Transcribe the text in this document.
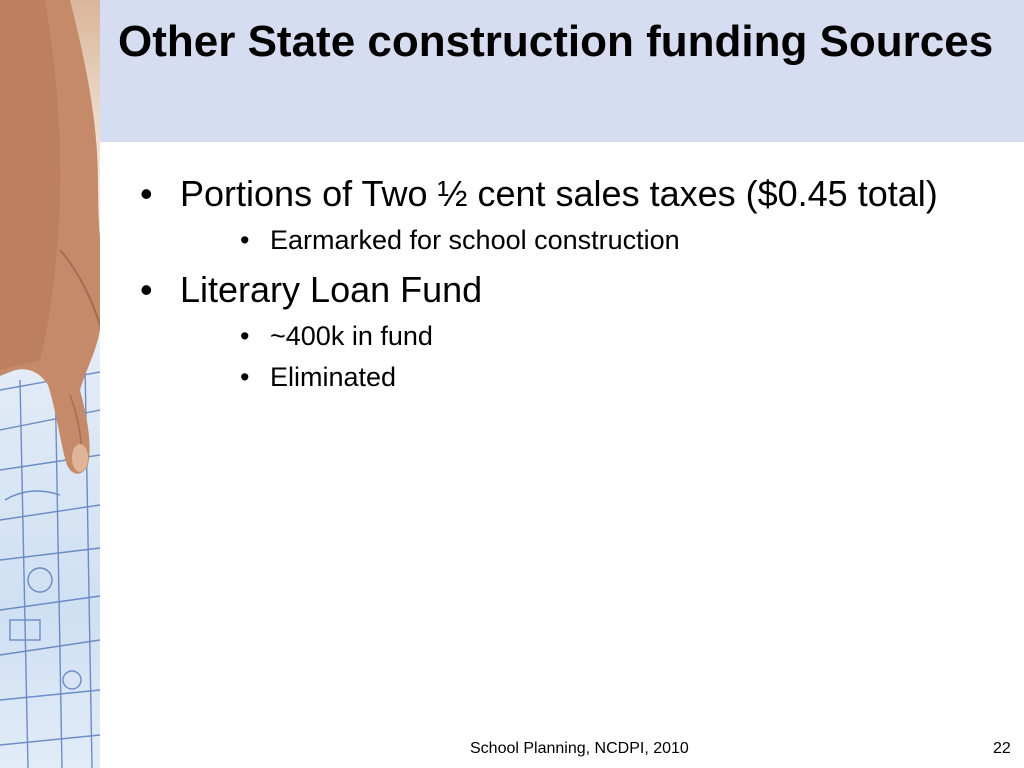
Other State construction funding Sources
• Portions of Two ½ cent sales taxes ($0.45 total)
• Earmarked for school construction
• Literary Loan Fund
• ~400k in fund
• Eliminated
School Planning, NCDPI, 2010	22
